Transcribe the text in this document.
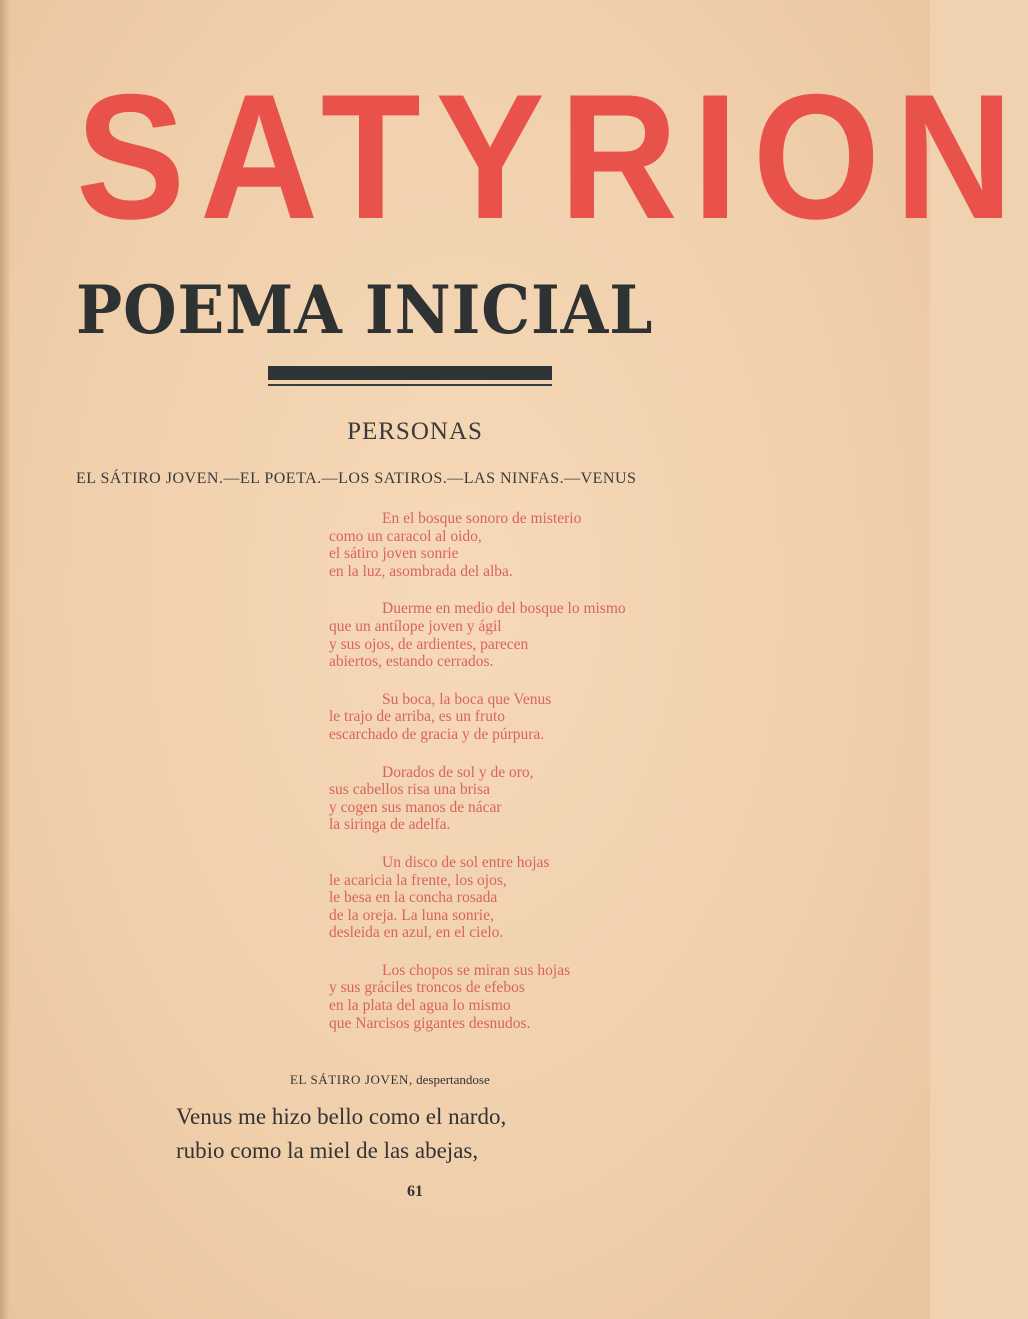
SATYRION
POEMA INICIAL
PERSONAS
EL SÁTIRO JOVEN.—EL POETA.—LOS SATIROS.—LAS NINFAS.—VENUS
En el bosque sonoro de misterio
como un caracol al oido,
el sátiro joven sonrie
en la luz, asombrada del alba.
Duerme en medio del bosque lo mismo
que un antílope joven y ágil
y sus ojos, de ardientes, parecen
abiertos, estando cerrados.
Su boca, la boca que Venus
le trajo de arriba, es un fruto
escarchado de gracia y de púrpura.
Dorados de sol y de oro,
sus cabellos risa una brisa
y cogen sus manos de nácar
la siringa de adelfa.
Un disco de sol entre hojas
le acaricia la frente, los ojos,
le besa en la concha rosada
de la oreja. La luna sonrie,
desleida en azul, en el cielo.
Los chopos se miran sus hojas
y sus gráciles troncos de efebos
en la plata del agua lo mismo
que Narcisos gigantes desnudos.
EL SÁTIRO JOVEN, despertandose
Venus me hizo bello como el nardo,
rubio como la miel de las abejas,
61
